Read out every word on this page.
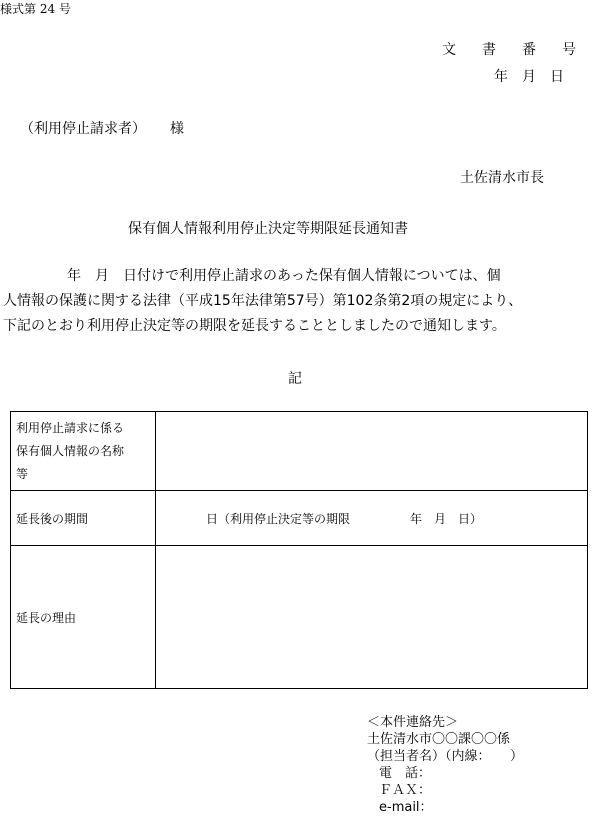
様式第 24 号
文 書 番 号
年　月　日
（利用停止請求者） 様
土佐清水市長
保有個人情報利用停止決定等期限延長通知書
年　月　日付けで利用停止請求のあった保有個人情報については、個
人情報の保護に関する法律（平成15年法律第57号）第102条第2項の規定により、
下記のとおり利用停止決定等の期限を延長することとしましたので通知します。
記
利用停止請求に係る
保有個人情報の名称
等	

延長後の期間	日（利用停止決定等の期限 年　月　日）
延長の理由	
＜本件連絡先＞
土佐清水市〇〇課〇〇係
（担当者名）（内線：　　）
電　話：
ＦＡＸ：
e-mail：
